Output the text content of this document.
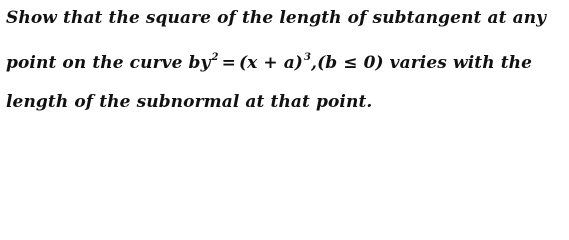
Show that the square of the length of subtangent at any
point on the curve $by^2 = (x + a)^3,(b \le 0)$ varies with the
length of the subnormal at that point.
